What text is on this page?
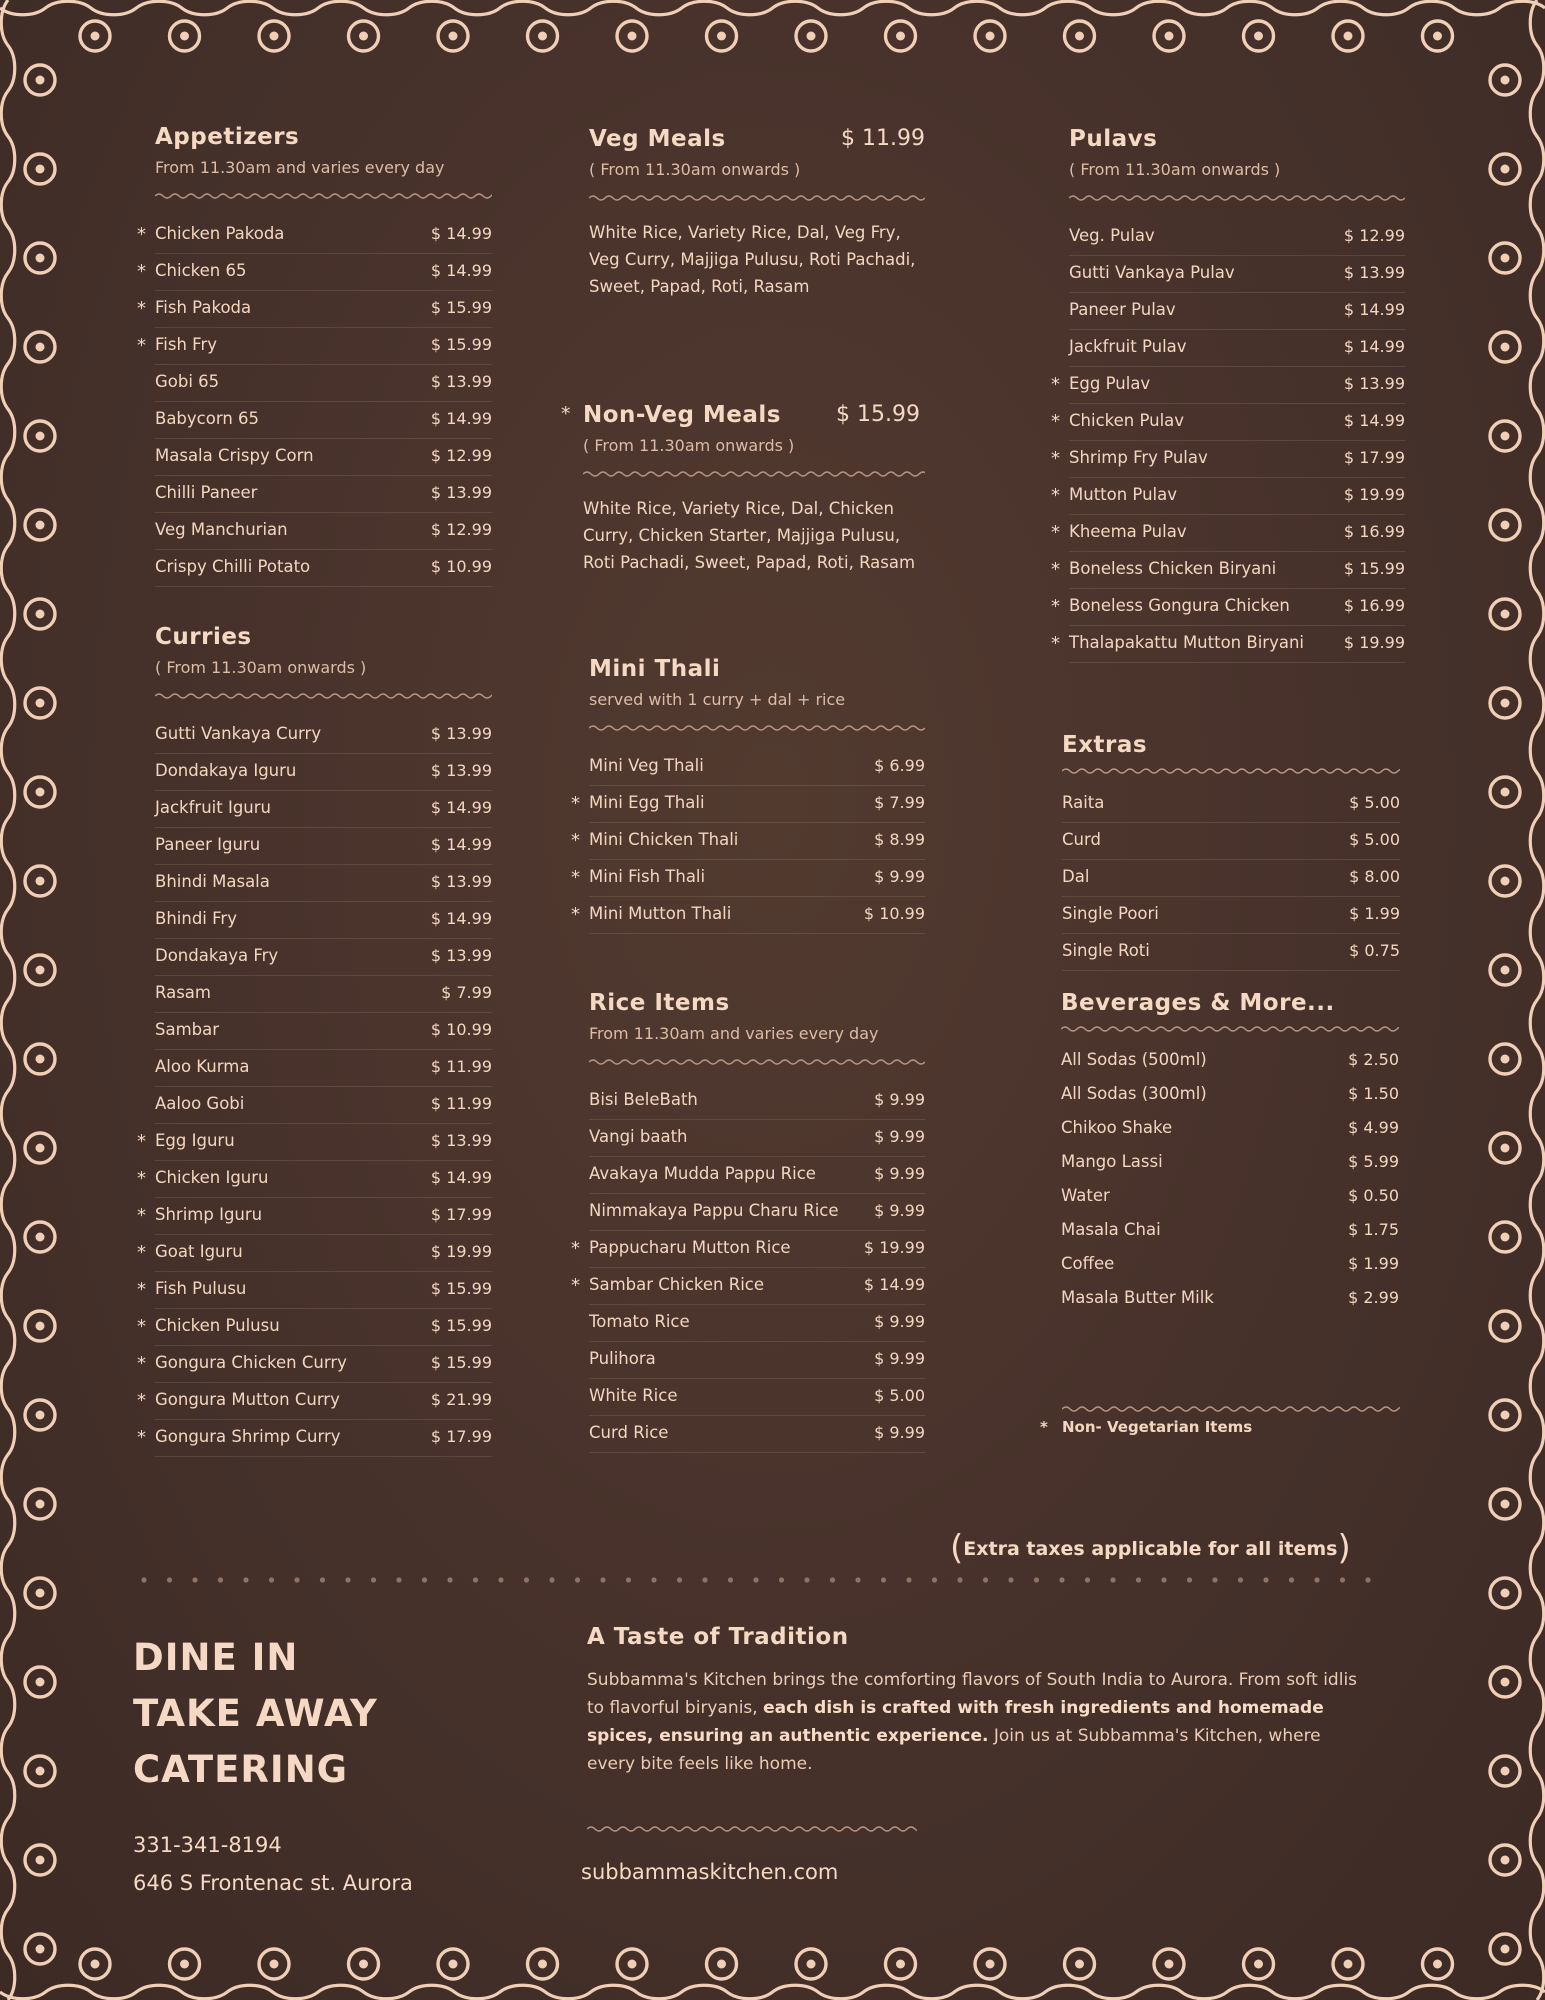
Appetizers
From 11.30am and varies every day
* Chicken Pakoda	$ 14.99
* Chicken 65	$ 14.99
* Fish Pakoda	$ 15.99
* Fish Fry	$ 15.99
Gobi 65	$ 13.99
Babycorn 65	$ 14.99
Masala Crispy Corn	$ 12.99
Chilli Paneer	$ 13.99
Veg Manchurian	$ 12.99
Crispy Chilli Potato	$ 10.99
Curries
( From 11.30am onwards )
Gutti Vankaya Curry	$ 13.99
Dondakaya Iguru	$ 13.99
Jackfruit Iguru	$ 14.99
Paneer Iguru	$ 14.99
Bhindi Masala	$ 13.99
Bhindi Fry	$ 14.99
Dondakaya Fry	$ 13.99
Rasam	$ 7.99
Sambar	$ 10.99
Aloo Kurma	$ 11.99
Aaloo Gobi	$ 11.99
* Egg Iguru	$ 13.99
* Chicken Iguru	$ 14.99
* Shrimp Iguru	$ 17.99
* Goat Iguru	$ 19.99
* Fish Pulusu	$ 15.99
* Chicken Pulusu	$ 15.99
* Gongura Chicken Curry	$ 15.99
* Gongura Mutton Curry	$ 21.99
* Gongura Shrimp Curry	$ 17.99
Veg Meals	$ 11.99
( From 11.30am onwards )
White Rice, Variety Rice, Dal, Veg Fry, Veg Curry, Majjiga Pulusu, Roti Pachadi, Sweet, Papad, Roti, Rasam
* Non-Veg Meals	$ 15.99
( From 11.30am onwards )
White Rice, Variety Rice, Dal, Chicken Curry, Chicken Starter, Majjiga Pulusu, Roti Pachadi, Sweet, Papad, Roti, Rasam
Mini Thali
served with 1 curry + dal + rice
Mini Veg Thali	$ 6.99
* Mini Egg Thali	$ 7.99
* Mini Chicken Thali	$ 8.99
* Mini Fish Thali	$ 9.99
* Mini Mutton Thali	$ 10.99
Rice Items
From 11.30am and varies every day
Bisi BeleBath	$ 9.99
Vangi baath	$ 9.99
Avakaya Mudda Pappu Rice	$ 9.99
Nimmakaya Pappu Charu Rice $ 9.99
* Pappucharu Mutton Rice	$ 19.99
* Sambar Chicken Rice	$ 14.99
Tomato Rice	$ 9.99
Pulihora	$ 9.99
White Rice	$ 5.00
Curd Rice	$ 9.99
Pulavs
( From 11.30am onwards )
Veg. Pulav	$ 12.99
Gutti Vankaya Pulav	$ 13.99
Paneer Pulav	$ 14.99
Jackfruit Pulav	$ 14.99
* Egg Pulav	$ 13.99
* Chicken Pulav	$ 14.99
* Shrimp Fry Pulav	$ 17.99
* Mutton Pulav	$ 19.99
* Kheema Pulav	$ 16.99
* Boneless Chicken Biryani	$ 15.99
* Boneless Gongura Chicken	$ 16.99
* Thalapakattu Mutton Biryani $ 19.99
Extras
Raita	$ 5.00
Curd	$ 5.00
Dal	$ 8.00
Single Poori	$ 1.99
Single Roti	$ 0.75
Beverages & More...
All Sodas (500ml)	$ 2.50
All Sodas (300ml)	$ 1.50
Chikoo Shake	$ 4.99
Mango Lassi	$ 5.99
Water	$ 0.50
Masala Chai	$ 1.75
Coffee	$ 1.99
Masala Butter Milk	$ 2.99
* Non- Vegetarian Items
(Extra taxes applicable for all items)
DINE IN
TAKE AWAY
CATERING
331-341-8194
646 S Frontenac st. Aurora
A Taste of Tradition

Subbamma's Kitchen brings the comforting flavors of South India to Aurora. From soft idlis to flavorful biryanis, each dish is crafted with fresh ingredients and homemade spices, ensuring an authentic experience. Join us at Subbamma's Kitchen, where every bite feels like home.

subbammaskitchen.com
